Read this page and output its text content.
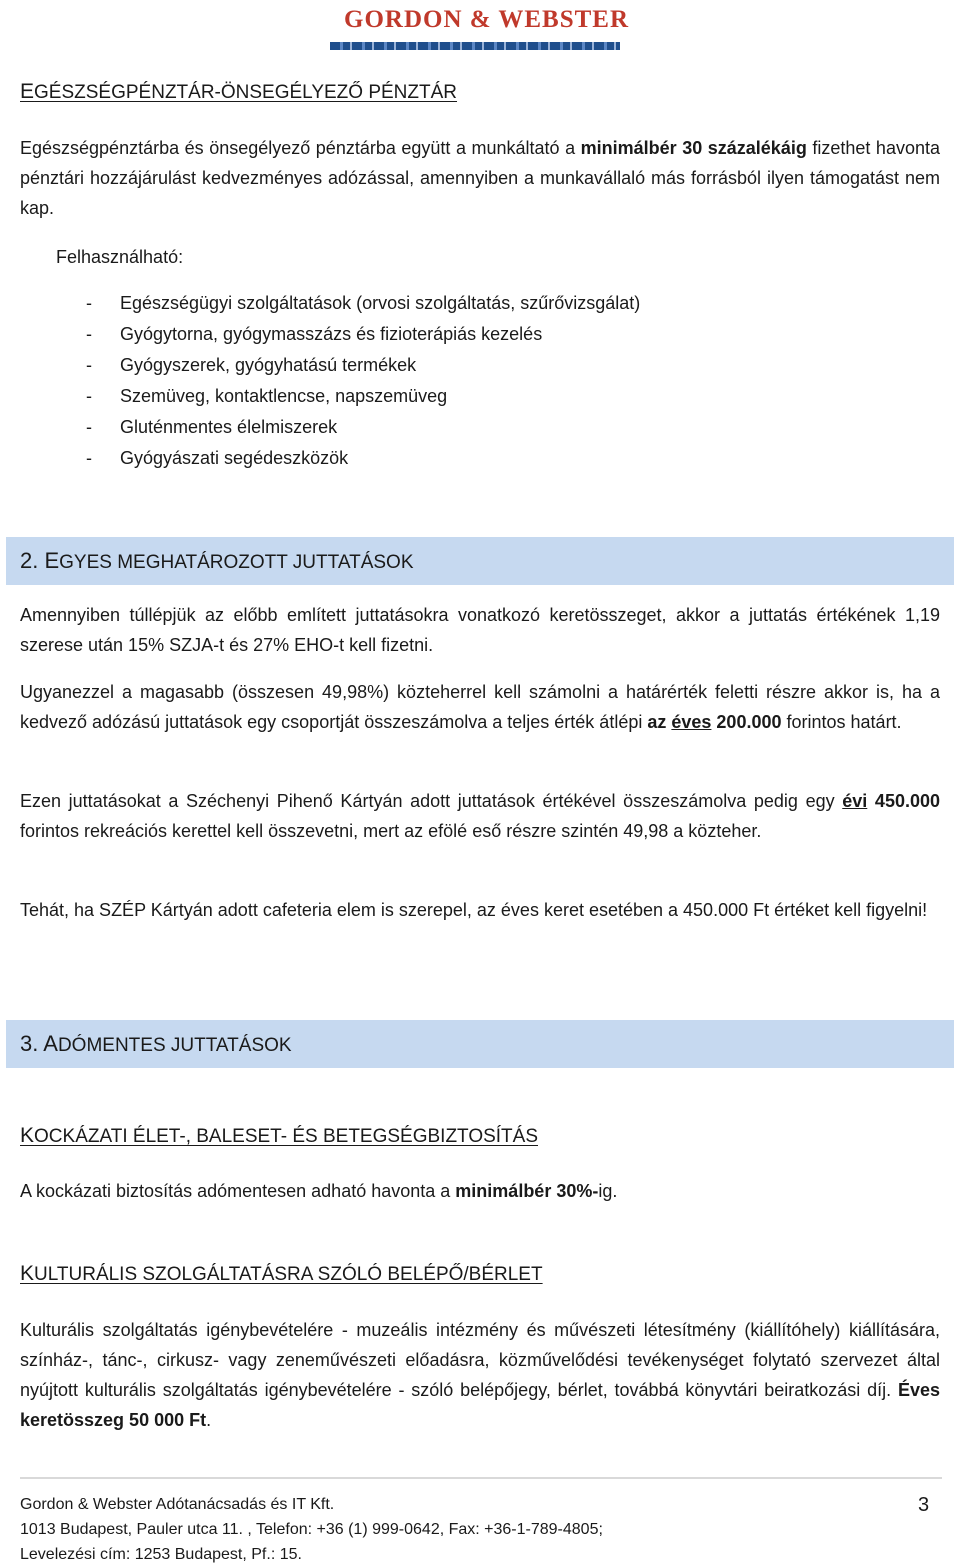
GORDON & WEBSTER
EGÉSZSÉGPÉNZTÁR-ÖNSEGÉLYEZŐ PÉNZTÁR
Egészségpénztárba és önsegélyező pénztárba együtt a munkáltató a minimálbér 30 százalékáig fizethet havonta pénztári hozzájárulást kedvezményes adózással, amennyiben a munkavállaló más forrásból ilyen támogatást nem kap.
Felhasználható:
-	Egészségügyi szolgáltatások (orvosi szolgáltatás, szűrővizsgálat)
-	Gyógytorna, gyógymasszázs és fizioterápiás kezelés
-	Gyógyszerek, gyógyhatású termékek
-	Szemüveg, kontaktlencse, napszemüveg
-	Gluténmentes élelmiszerek
-	Gyógyászati segédeszközök
2. EGYES MEGHATÁROZOTT JUTTATÁSOK
Amennyiben túllépjük az előbb említett juttatásokra vonatkozó keretösszeget, akkor a juttatás értékének 1,19 szerese után 15% SZJA-t és 27% EHO-t kell fizetni.
Ugyanezzel a magasabb (összesen 49,98%) közteherrel kell számolni a határérték feletti részre akkor is, ha a kedvező adózású juttatások egy csoportját összeszámolva a teljes érték átlépi az éves 200.000 forintos határt.
Ezen juttatásokat a Széchenyi Pihenő Kártyán adott juttatások értékével összeszámolva pedig egy évi 450.000 forintos rekreációs kerettel kell összevetni, mert az efölé eső részre szintén 49,98 a közteher.
Tehát, ha SZÉP Kártyán adott cafeteria elem is szerepel, az éves keret esetében a 450.000 Ft értéket kell figyelni!
3. ADÓMENTES JUTTATÁSOK
KOCKÁZATI ÉLET-, BALESET- ÉS BETEGSÉGBIZTOSÍTÁS
A kockázati biztosítás adómentesen adható havonta a minimálbér 30%-ig.
KULTURÁLIS SZOLGÁLTATÁSRA SZÓLÓ BELÉPŐ/BÉRLET
Kulturális szolgáltatás igénybevételére - muzeális intézmény és művészeti létesítmény (kiállítóhely) kiállítására, színház-, tánc-, cirkusz- vagy zeneművészeti előadásra, közművelődési tevékenységet folytató szervezet által nyújtott kulturális szolgáltatás igénybevételére - szóló belépőjegy, bérlet, továbbá könyvtári beiratkozási díj. Éves keretösszeg 50 000 Ft.
Gordon & Webster Adótanácsadás és IT Kft.	3
1013 Budapest, Pauler utca 11. , Telefon: +36 (1) 999-0642, Fax: +36-1-789-4805;
Levelezési cím: 1253 Budapest, Pf.: 15.
